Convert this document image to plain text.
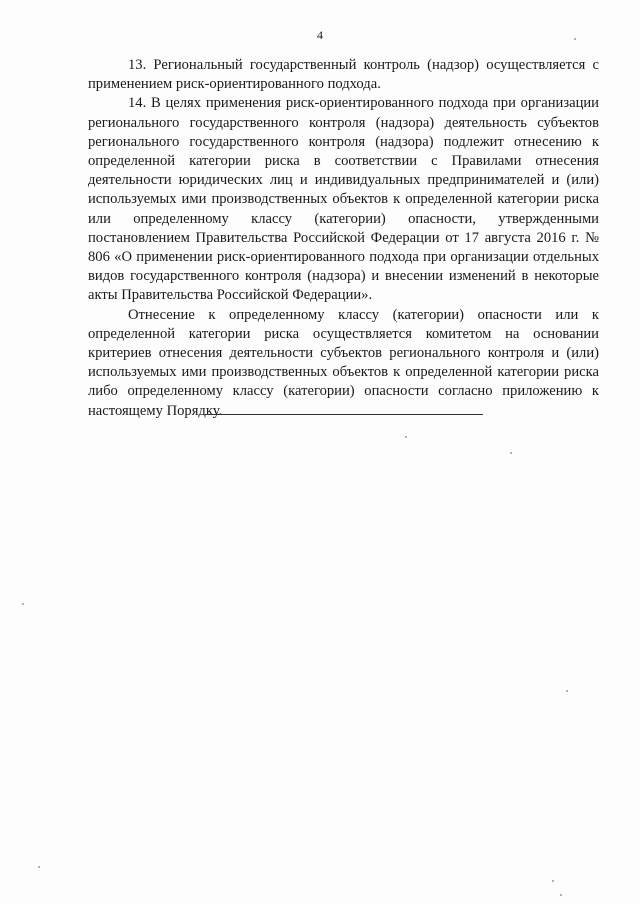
4

13. Региональный государственный контроль (надзор) осуществляется с применением риск-ориентированного подхода.

14. В целях применения риск-ориентированного подхода при организации регионального государственного контроля (надзора) деятельность субъектов регионального государственного контроля (надзора) подлежит отнесению к определенной категории риска в соответствии с Правилами отнесения деятельности юридических лиц и индивидуальных предпринимателей и (или) используемых ими производственных объектов к определенной категории риска или определенному классу (категории) опасности, утвержденными постановлением Правительства Российской Федерации от 17 августа 2016 г. № 806 «О применении риск-ориентированного подхода при организации отдельных видов государственного контроля (надзора) и внесении изменений в некоторые акты Правительства Российской Федерации».

Отнесение к определенному классу (категории) опасности или к определенной категории риска осуществляется комитетом на основании критериев отнесения деятельности субъектов регионального контроля и (или) используемых ими производственных объектов к определенной категории риска либо определенному классу (категории) опасности согласно приложению к настоящему Порядку.
